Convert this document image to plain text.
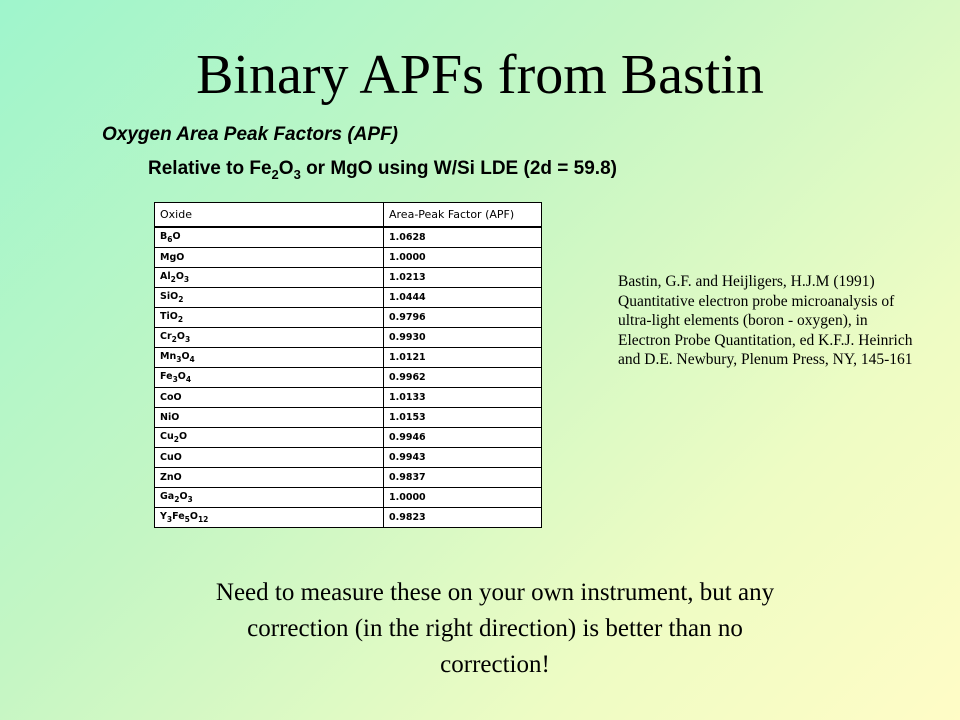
Binary APFs from Bastin
Oxygen Area Peak Factors (APF)
Relative to $Fe_2O_3$ or MgO using W/Si LDE (2d = 59.8)
Oxide	Area-Peak Factor (APF)
$B_6O$	1.0628
MgO	1.0000
$Al_2O_3$	1.0213
SiO$_2$	1.0444
TiO$_2$	0.9796
$Cr_2O_3$	0.9930
$Mn_3O_4$	1.0121
$Fe_3O_4$	0.9962
CoO	1.0133
NiO	1.0153
$Cu_2O$	0.9946
CuO	0.9943
ZnO	0.9837
$Ga_2O_3$	1.0000
$Y_3Fe_5O_{12}$	0.9823
Bastin, G.F. and Heijligers, H.J.M (1991) Quantitative electron probe microanalysis of ultra-light elements (boron - oxygen), in Electron Probe Quantitation, ed K.F.J. Heinrich and D.E. Newbury, Plenum Press, NY, 145-161
Need to measure these on your own instrument, but any correction (in the right direction) is better than no correction!
